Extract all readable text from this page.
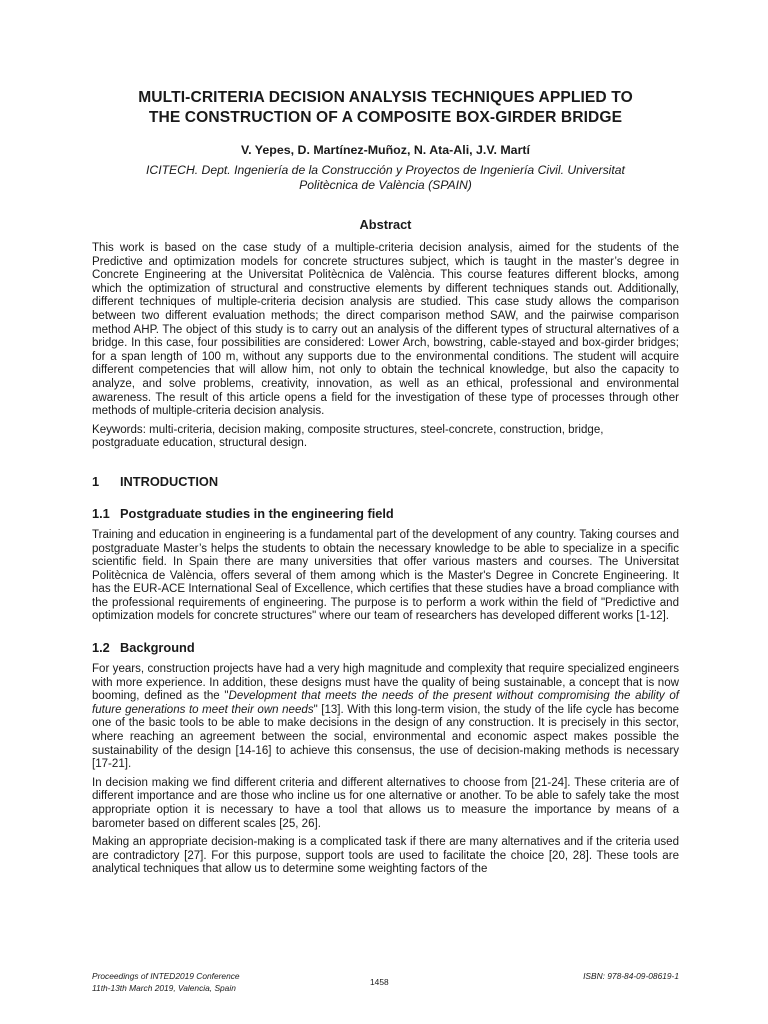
MULTI-CRITERIA DECISION ANALYSIS TECHNIQUES APPLIED TO
THE CONSTRUCTION OF A COMPOSITE BOX-GIRDER BRIDGE
V. Yepes, D. Martínez-Muñoz, N. Ata-Ali, J.V. Martí
ICITECH. Dept. Ingeniería de la Construcción y Proyectos de Ingeniería Civil. Universitat
Politècnica de València (SPAIN)
Abstract

This work is based on the case study of a multiple-criteria decision analysis, aimed for the students of the Predictive and optimization models for concrete structures subject, which is taught in the master’s degree in Concrete Engineering at the Universitat Politècnica de València. This course features different blocks, among which the optimization of structural and constructive elements by different techniques stands out. Additionally, different techniques of multiple-criteria decision analysis are studied. This case study allows the comparison between two different evaluation methods; the direct comparison method SAW, and the pairwise comparison method AHP. The object of this study is to carry out an analysis of the different types of structural alternatives of a bridge. In this case, four possibilities are considered: Lower Arch, bowstring, cable-stayed and box-girder bridges; for a span length of 100 m, without any supports due to the environmental conditions. The student will acquire different competencies that will allow him, not only to obtain the technical knowledge, but also the capacity to analyze, and solve problems, creativity, innovation, as well as an ethical, professional and environmental awareness. The result of this article opens a field for the investigation of these type of processes through other methods of multiple-criteria decision analysis.

Keywords: multi-criteria, decision making, composite structures, steel-concrete, construction, bridge,
postgraduate education, structural design.
1	INTRODUCTION
1.1 Postgraduate studies in the engineering field

Training and education in engineering is a fundamental part of the development of any country. Taking courses and postgraduate Master’s helps the students to obtain the necessary knowledge to be able to specialize in a specific scientific field. In Spain there are many universities that offer various masters and courses. The Universitat Politècnica de València, offers several of them among which is the Master's Degree in Concrete Engineering. It has the EUR-ACE International Seal of Excellence, which certifies that these studies have a broad compliance with the professional requirements of engineering. The purpose is to perform a work within the field of "Predictive and optimization models for concrete structures" where our team of researchers has developed different works [1-12].

1.2 Background

For years, construction projects have had a very high magnitude and complexity that require specialized engineers with more experience. In addition, these designs must have the quality of being sustainable, a concept that is now booming, defined as the "Development that meets the needs of the present without compromising the ability of future generations to meet their own needs" [13]. With this long-term vision, the study of the life cycle has become one of the basic tools to be able to make decisions in the design of any construction. It is precisely in this sector, where reaching an agreement between the social, environmental and economic aspect makes possible the sustainability of the design [14-16] to achieve this consensus, the use of decision-making methods is necessary [17-21].

In decision making we find different criteria and different alternatives to choose from [21-24]. These criteria are of different importance and are those who incline us for one alternative or another. To be able to safely take the most appropriate option it is necessary to have a tool that allows us to measure the importance by means of a barometer based on different scales [25, 26].

Making an appropriate decision-making is a complicated task if there are many alternatives and if the criteria used are contradictory [27]. For this purpose, support tools are used to facilitate the choice [20, 28]. These tools are analytical techniques that allow us to determine some weighting factors of the

Proceedings of INTED2019 Conference
11th-13th March 2019, Valencia, Spain
1458
ISBN: 978-84-09-08619-1
